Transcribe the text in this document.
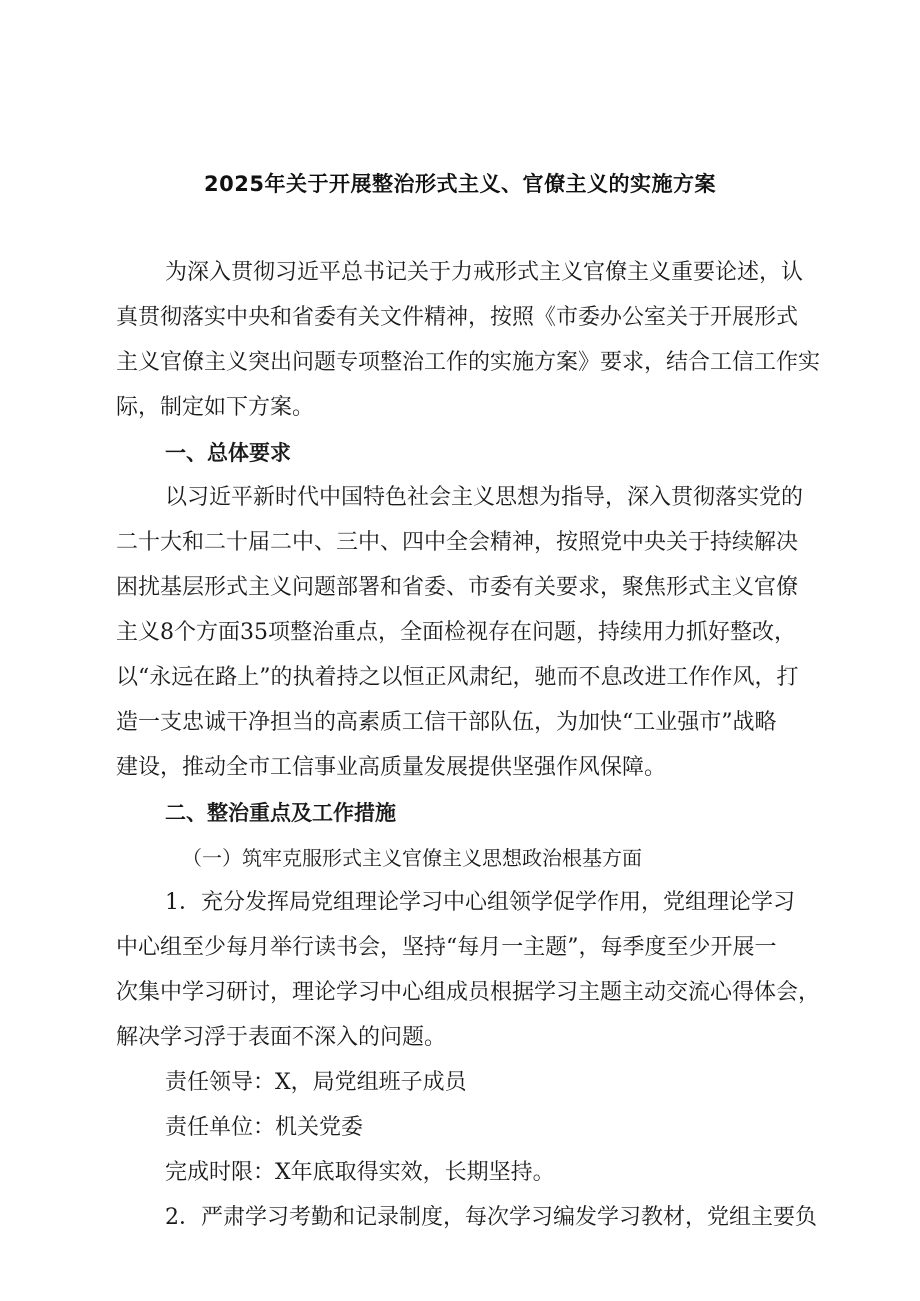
2025年关于开展整治形式主义、官僚主义的实施方案
为深入贯彻习近平总书记关于力戒形式主义官僚主义重要论述，认
真贯彻落实中央和省委有关文件精神，按照《市委办公室关于开展形式
主义官僚主义突出问题专项整治工作的实施方案》要求，结合工信工作实
际，制定如下方案。
一、总体要求
以习近平新时代中国特色社会主义思想为指导，深入贯彻落实党的
二十大和二十届二中、三中、四中全会精神，按照党中央关于持续解决
困扰基层形式主义问题部署和省委、市委有关要求，聚焦形式主义官僚
主义8个方面35项整治重点，全面检视存在问题，持续用力抓好整改，
以“永远在路上”的执着持之以恒正风肃纪，驰而不息改进工作作风，打
造一支忠诚干净担当的高素质工信干部队伍，为加快“工业强市”战略
建设，推动全市工信事业高质量发展提供坚强作风保障。
二、整治重点及工作措施
（一）筑牢克服形式主义官僚主义思想政治根基方面
1．充分发挥局党组理论学习中心组领学促学作用，党组理论学习
中心组至少每月举行读书会，坚持“每月一主题”，每季度至少开展一
次集中学习研讨，理论学习中心组成员根据学习主题主动交流心得体会，
解决学习浮于表面不深入的问题。
责任领导：X，局党组班子成员
责任单位：机关党委
完成时限：X年底取得实效，长期坚持。
2．严肃学习考勤和记录制度，每次学习编发学习教材，党组主要负
